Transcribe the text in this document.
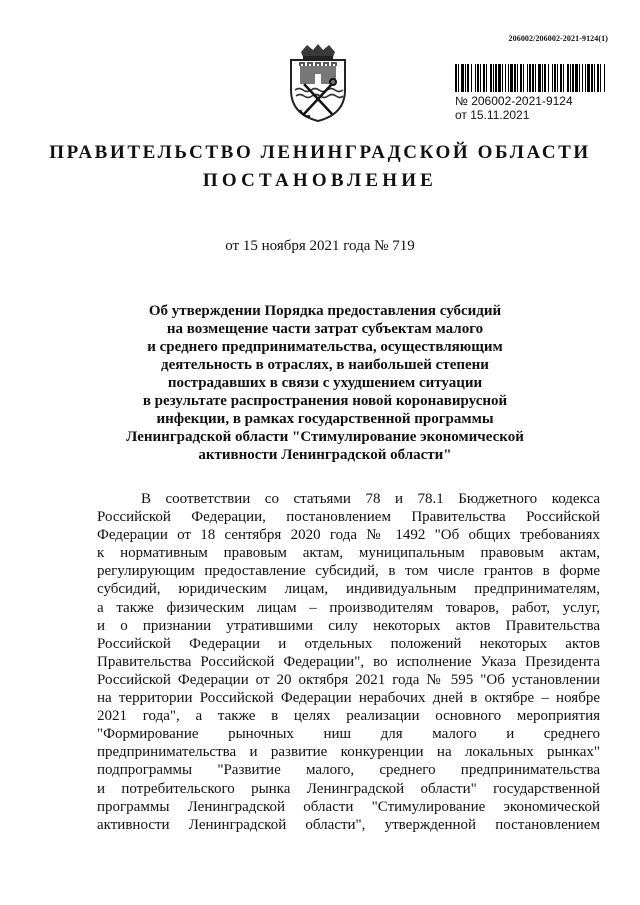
206002/206002-2021-9124(1)
№ 206002-2021-9124
от 15.11.2021
ПРАВИТЕЛЬСТВО ЛЕНИНГРАДСКОЙ ОБЛАСТИ
ПОСТАНОВЛЕНИЕ
от 15 ноября 2021 года № 719
Об утверждении Порядка предоставления субсидий
на возмещение части затрат субъектам малого
и среднего предпринимательства, осуществляющим
деятельность в отраслях, в наибольшей степени
пострадавших в связи с ухудшением ситуации
в результате распространения новой коронавирусной
инфекции, в рамках государственной программы
Ленинградской области "Стимулирование экономической
активности Ленинградской области"
В соответствии со статьями 78 и 78.1 Бюджетного кодекса
Российской Федерации, постановлением Правительства Российской
Федерации от 18 сентября 2020 года № 1492 "Об общих требованиях
к нормативным правовым актам, муниципальным правовым актам,
регулирующим предоставление субсидий, в том числе грантов в форме
субсидий, юридическим лицам, индивидуальным предпринимателям,
а также физическим лицам – производителям товаров, работ, услуг,
и о признании утратившими силу некоторых актов Правительства
Российской Федерации и отдельных положений некоторых актов
Правительства Российской Федерации", во исполнение Указа Президента
Российской Федерации от 20 октября 2021 года № 595 "Об установлении
на территории Российской Федерации нерабочих дней в октябре – ноябре
2021 года", а также в целях реализации основного мероприятия
"Формирование рыночных ниш для малого и среднего
предпринимательства и развитие конкуренции на локальных рынках"
подпрограммы "Развитие малого, среднего предпринимательства
и потребительского рынка Ленинградской области" государственной
программы Ленинградской области "Стимулирование экономической
активности Ленинградской области", утвержденной постановлением
